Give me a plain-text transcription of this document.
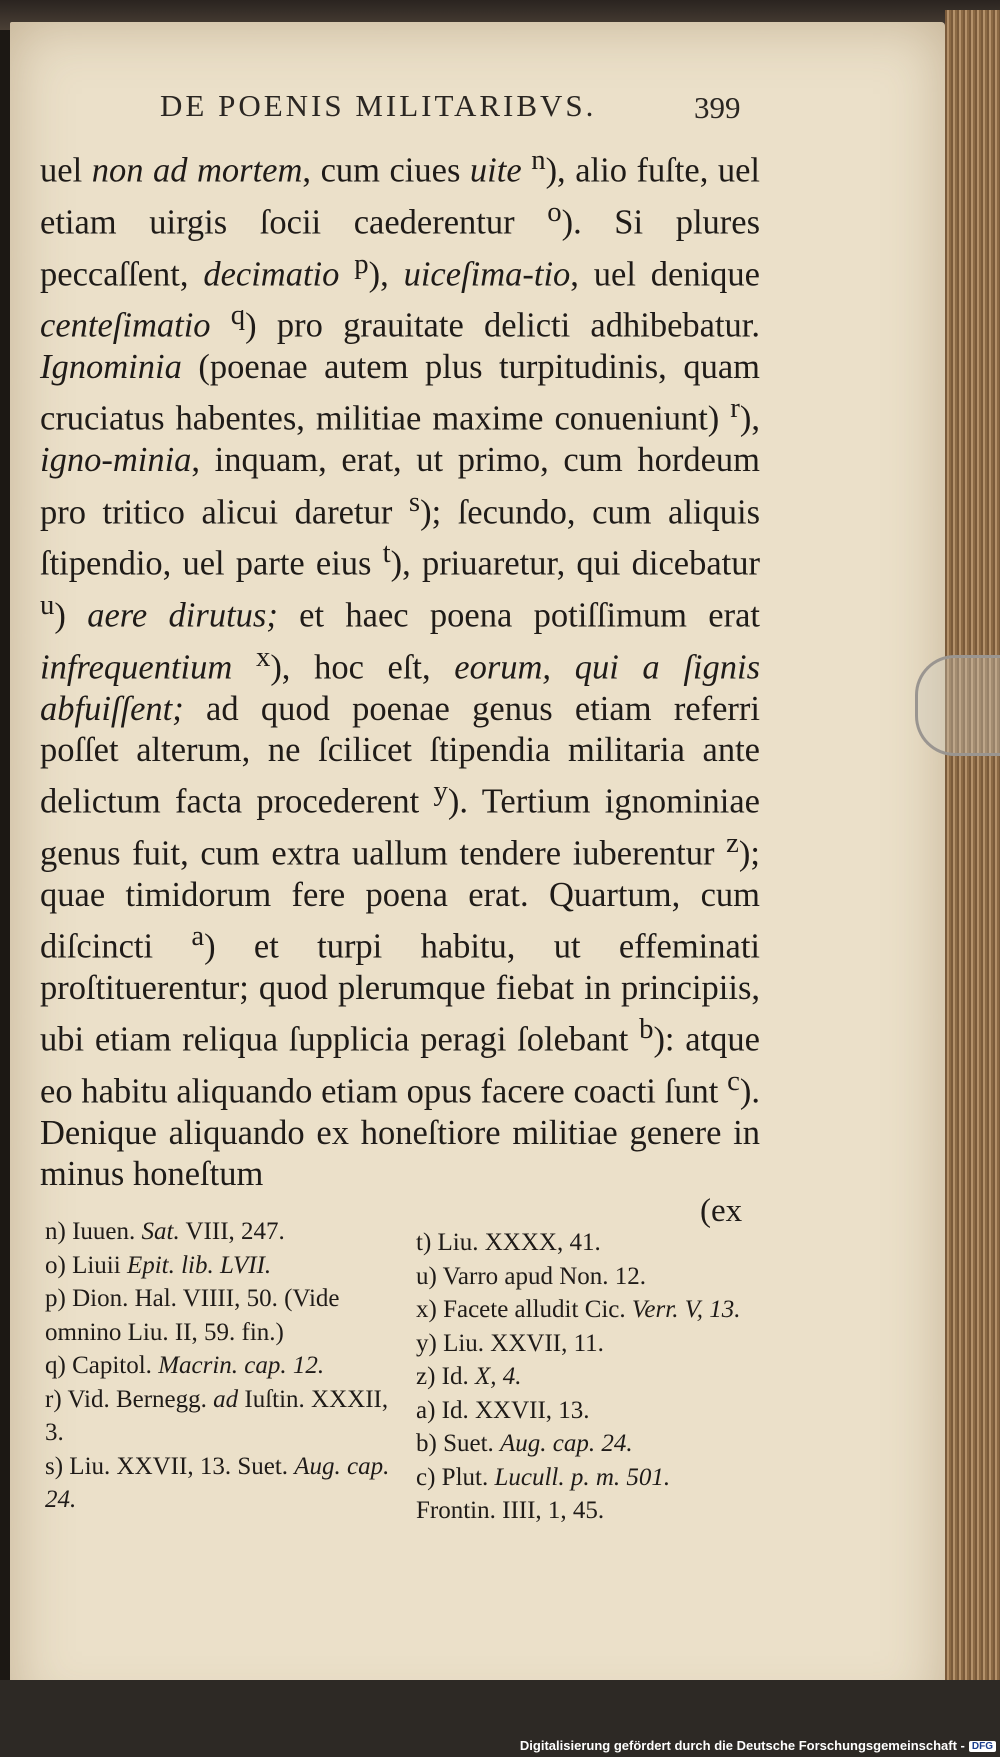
DE POENIS MILITARIBVS.	399

uel non ad mortem, cum ciues uite $^n$), alio fuſte, uel etiam uirgis ſocii caederentur $^o$). Si plures peccaſſent, decimatio $^p$), uiceſima-tio, uel denique centeſimatio $^q$) pro grauitate delicti adhibebatur. Ignominia (poenae autem plus turpitudinis, quam cruciatus habentes, militiae maxime conueniunt) $^r$), igno-minia, inquam, erat, ut primo, cum hordeum pro tritico alicui daretur $^s$); ſecundo, cum aliquis ſtipendio, uel parte eius $^t$), priuaretur, qui dicebatur $^u$) aere dirutus; et haec poena potiſſimum erat infrequentium $^x$), hoc eſt, eorum, qui a ſignis abfuiſſent; ad quod poenae genus etiam referri poſſet alterum, ne ſcilicet ſtipendia militaria ante delictum facta procederent $^y$). Tertium ignominiae genus fuit, cum extra uallum tendere iuberentur $^z$); quae timidorum fere poena erat. Quartum, cum diſcincti $^a$) et turpi habitu, ut effeminati proſtituerentur; quod plerumque fiebat in principiis, ubi etiam reliqua ſupplicia peragi ſolebant $^b$): atque eo habitu aliquando etiam opus facere coacti ſunt $^c$). Denique aliquando ex honeſtiore militiae genere in minus honeſtum

(ex
n) Iuuen. Sat. VIII, 247.
o) Liuii Epit. lib. LVII.
p) Dion. Hal. VIIII, 50. (Vide omnino Liu. II, 59. fin.)
q) Capitol. Macrin. cap. 12.
r) Vid. Bernegg. ad Iuſtin. XXXII, 3.
s) Liu. XXVII, 13. Suet. Aug. cap. 24.
t) Liu. XXXX, 41.
u) Varro apud Non. 12.
x) Facete alludit Cic. Verr. V, 13.
y) Liu. XXVII, 11.
z) Id. X, 4.
a) Id. XXVII, 13.
b) Suet. Aug. cap. 24.
c) Plut. Lucull. p. m. 501. Frontin. IIII, 1, 45.
Digitalisierung gefördert durch die Deutsche Forschungsgemeinschaft - DFG
